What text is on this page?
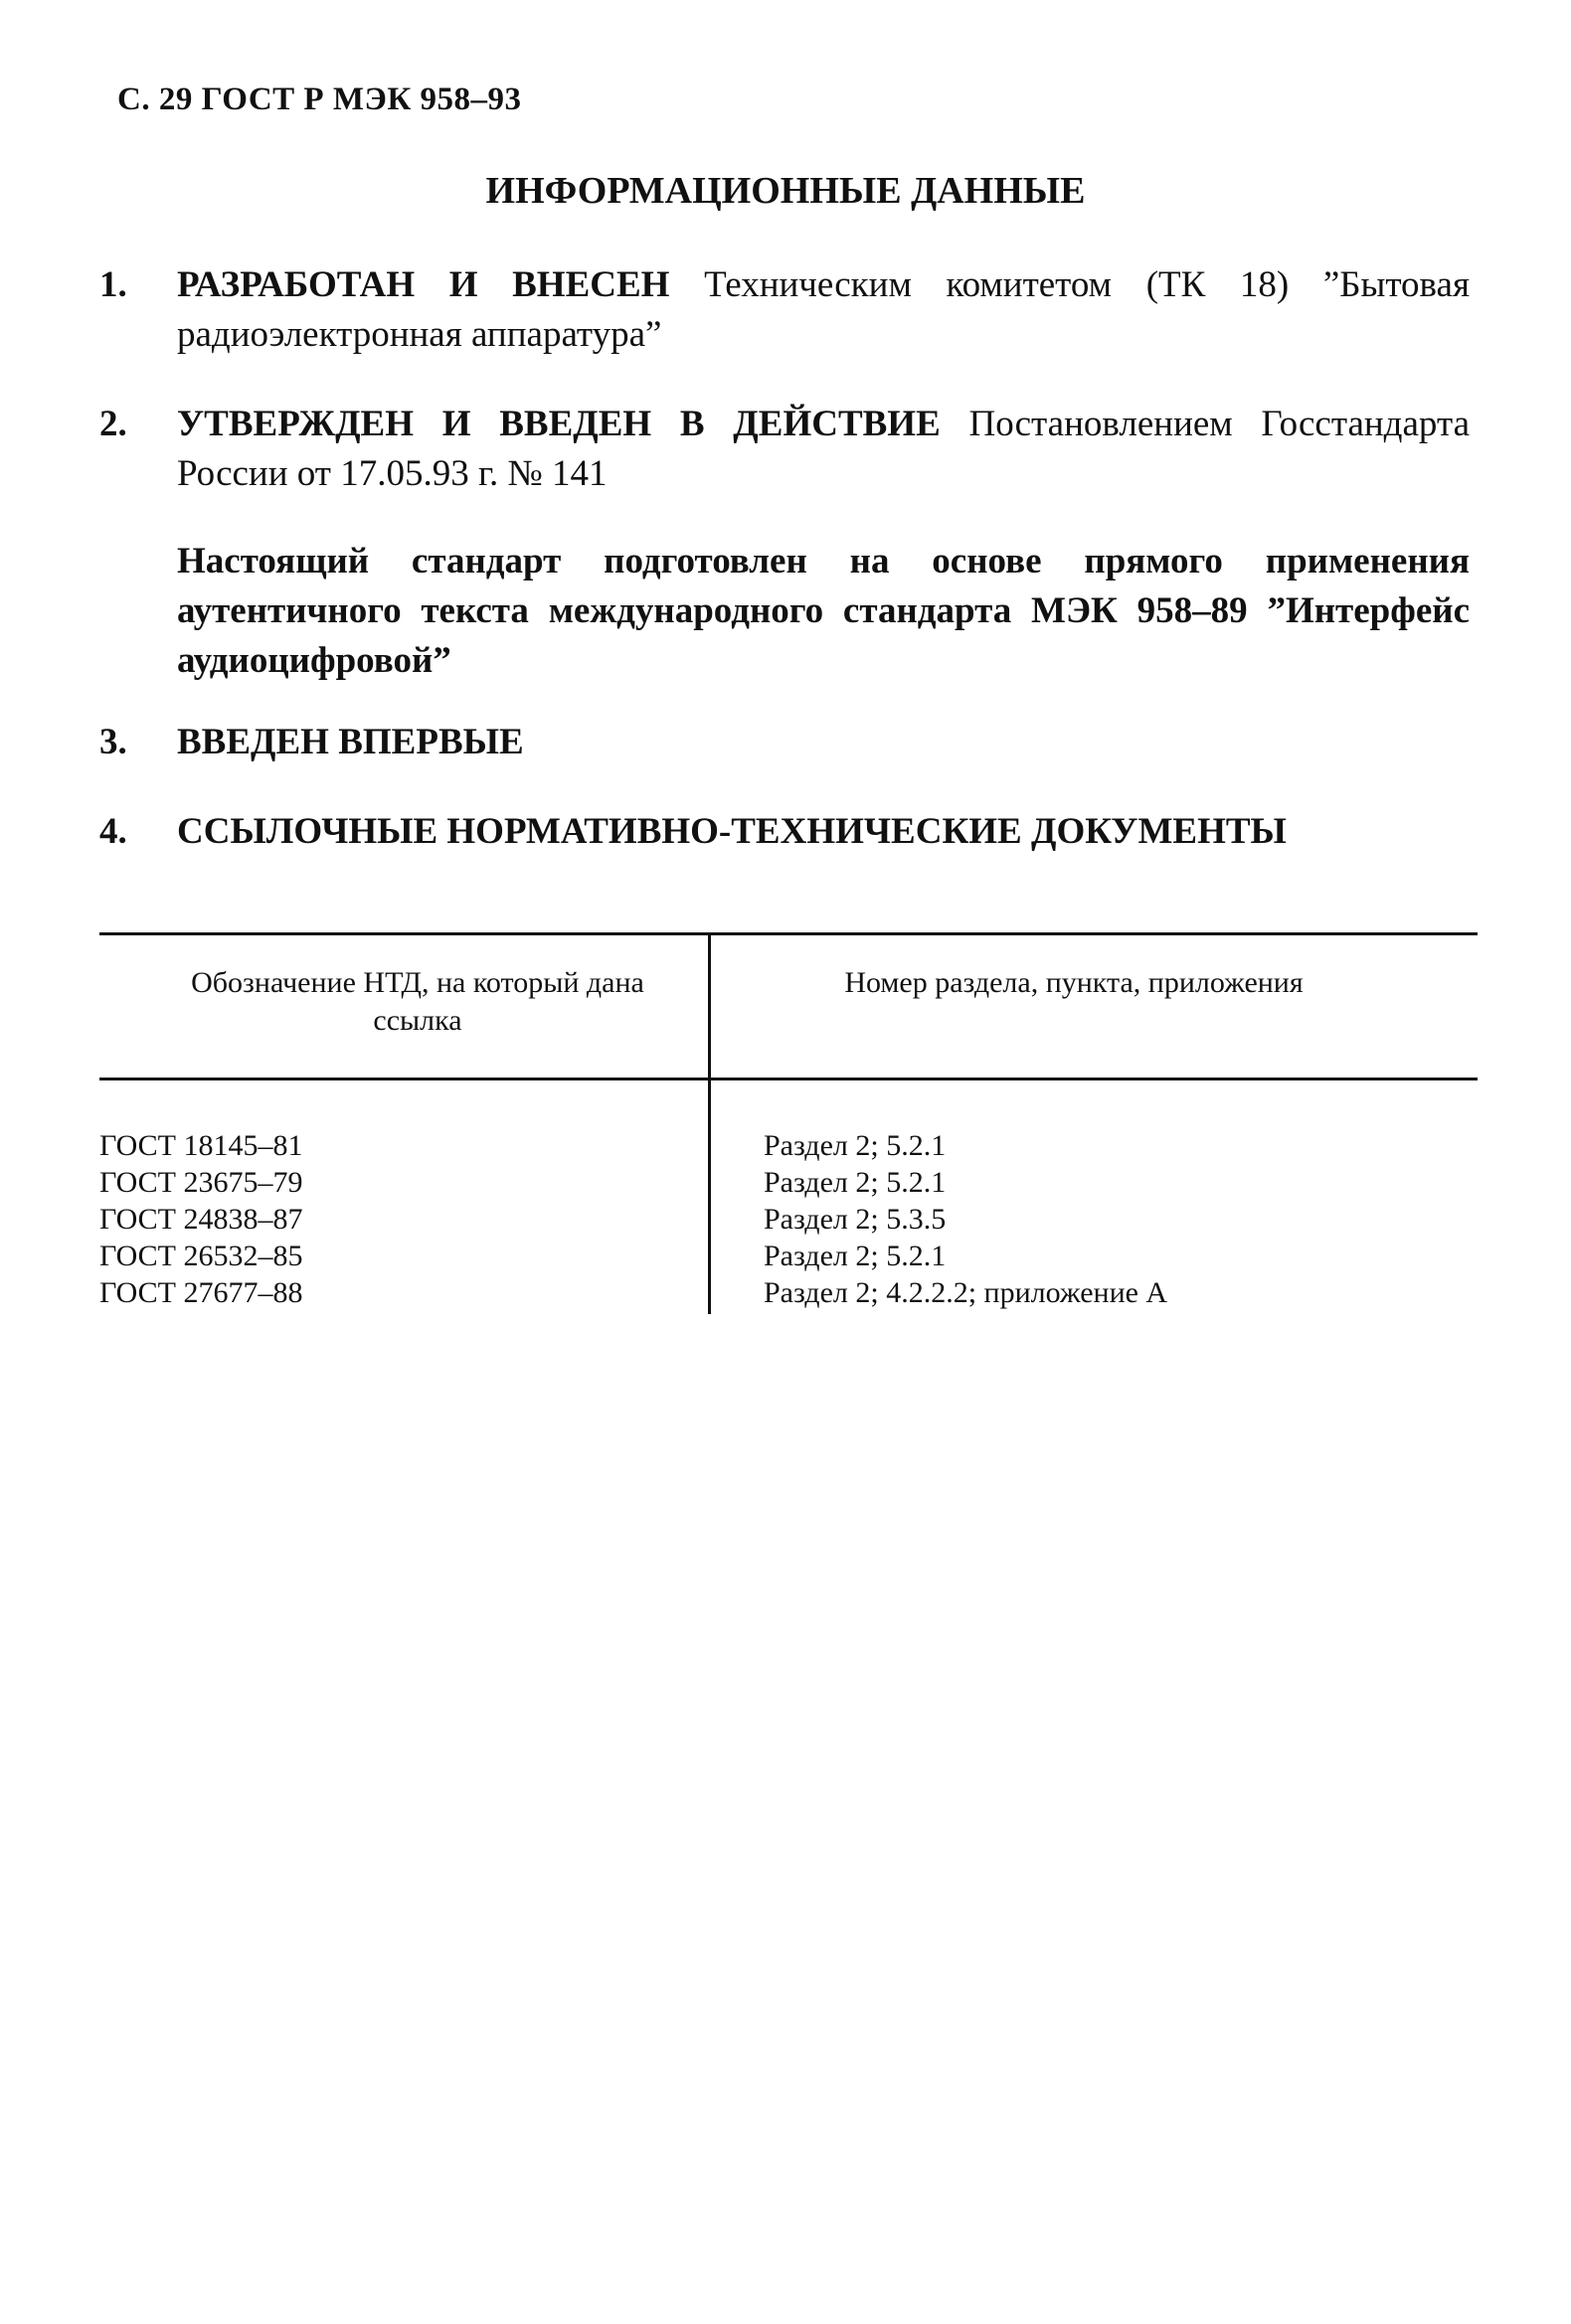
С. 29 ГОСТ Р МЭК 958–93
ИНФОРМАЦИОННЫЕ ДАННЫЕ
1.	РАЗРАБОТАН И ВНЕСЕН Техническим комитетом (ТК 18) ”Бытовая радиоэлектронная аппаратура”
2.	УТВЕРЖДЕН И ВВЕДЕН В ДЕЙСТВИЕ Постановлением Госстандарта России от 17.05.93 г. № 141
Настоящий стандарт подготовлен на основе прямого применения аутентичного текста международного стандарта МЭК 958–89 ”Интерфейс аудиоцифровой”
3.	ВВЕДЕН ВПЕРВЫЕ
4.	ССЫЛОЧНЫЕ НОРМАТИВНО-ТЕХНИЧЕСКИЕ ДОКУМЕНТЫ
Обозначение НТД, на который дана ссылка
Номер раздела, пункта, приложения
ГОСТ 18145–81	Раздел 2; 5.2.1
ГОСТ 23675–79	Раздел 2; 5.2.1
ГОСТ 24838–87	Раздел 2; 5.3.5
ГОСТ 26532–85	Раздел 2; 5.2.1
ГОСТ 27677–88	Раздел 2; 4.2.2.2; приложение А
